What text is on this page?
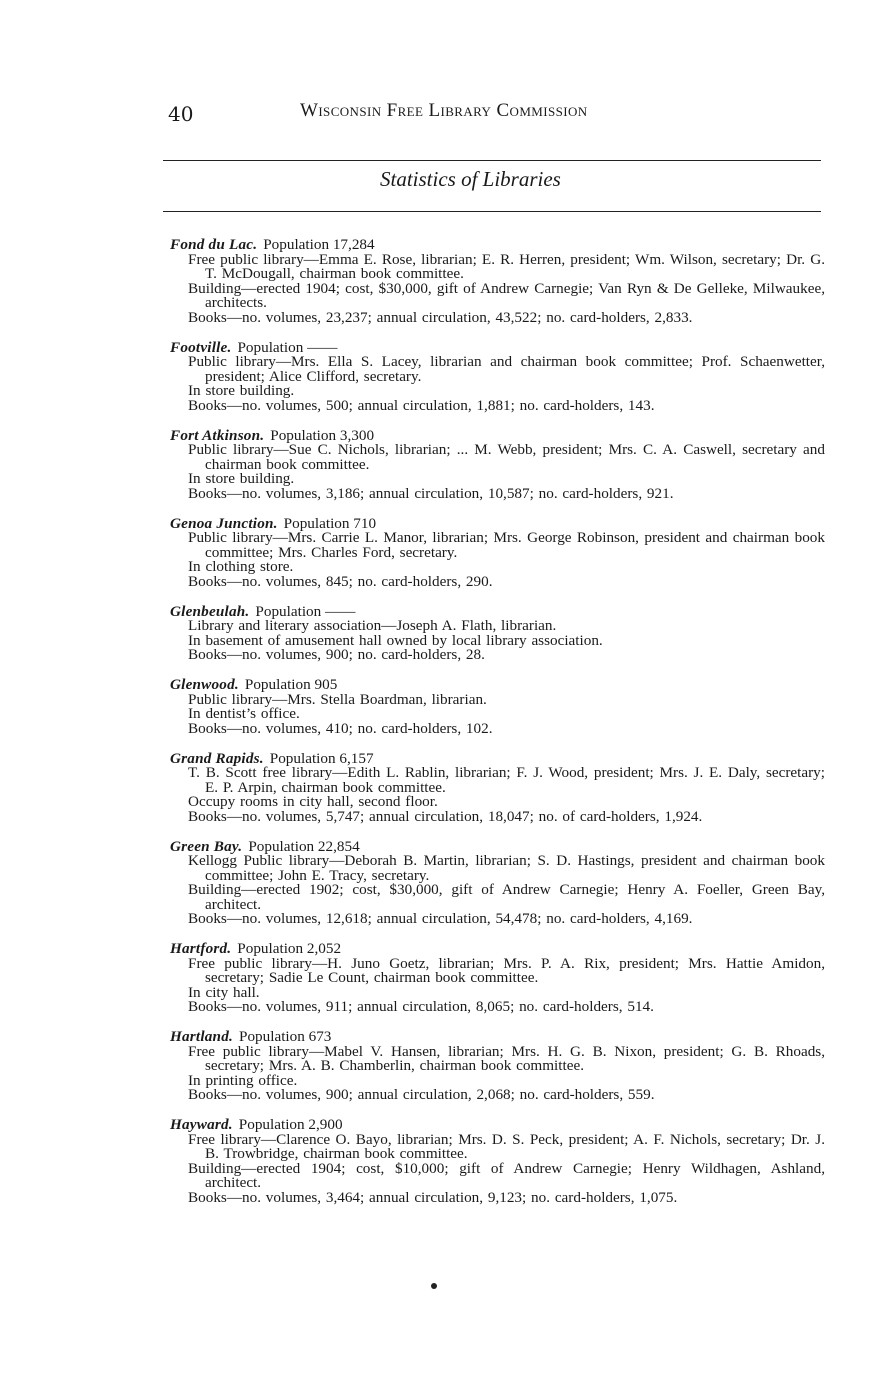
40	Wisconsin Free Library Commission
Statistics of Libraries

Fond du Lac. Population 17,284

Free public library—Emma E. Rose, librarian; E. R. Herren, president; Wm. Wilson, secretary; Dr. G. T. McDougall, chairman book committee.

Building—erected 1904; cost, $30,000, gift of Andrew Carnegie; Van Ryn & De Gelleke, Milwaukee, architects.

Books—no. volumes, 23,237; annual circulation, 43,522; no. card-holders, 2,833.

Footville. Population ——

Public library—Mrs. Ella S. Lacey, librarian and chairman book committee; Prof. Schaenwetter, president; Alice Clifford, secretary.

In store building.

Books—no. volumes, 500; annual circulation, 1,881; no. card-holders, 143.

Fort Atkinson. Population 3,300

Public library—Sue C. Nichols, librarian; ... M. Webb, president; Mrs. C. A. Caswell, secretary and chairman book committee.

In store building.

Books—no. volumes, 3,186; annual circulation, 10,587; no. card-holders, 921.

Genoa Junction. Population 710

Public library—Mrs. Carrie L. Manor, librarian; Mrs. George Robinson, president and chairman book committee; Mrs. Charles Ford, secretary.

In clothing store.

Books—no. volumes, 845; no. card-holders, 290.

Glenbeulah. Population ——

Library and literary association—Joseph A. Flath, librarian.

In basement of amusement hall owned by local library association.

Books—no. volumes, 900; no. card-holders, 28.

Glenwood. Population 905

Public library—Mrs. Stella Boardman, librarian.

In dentist’s office.

Books—no. volumes, 410; no. card-holders, 102.

Grand Rapids. Population 6,157

T. B. Scott free library—Edith L. Rablin, librarian; F. J. Wood, president; Mrs. J. E. Daly, secretary; E. P. Arpin, chairman book committee.

Occupy rooms in city hall, second floor.

Books—no. volumes, 5,747; annual circulation, 18,047; no. of card-holders, 1,924.

Green Bay. Population 22,854

Kellogg Public library—Deborah B. Martin, librarian; S. D. Hastings, president and chairman book committee; John E. Tracy, secretary.

Building—erected 1902; cost, $30,000, gift of Andrew Carnegie; Henry A. Foeller, Green Bay, architect.

Books—no. volumes, 12,618; annual circulation, 54,478; no. card-holders, 4,169.

Hartford. Population 2,052

Free public library—H. Juno Goetz, librarian; Mrs. P. A. Rix, president; Mrs. Hattie Amidon, secretary; Sadie Le Count, chairman book committee.

In city hall.

Books—no. volumes, 911; annual circulation, 8,065; no. card-holders, 514.

Hartland. Population 673

Free public library—Mabel V. Hansen, librarian; Mrs. H. G. B. Nixon, president; G. B. Rhoads, secretary; Mrs. A. B. Chamberlin, chairman book committee.

In printing office.

Books—no. volumes, 900; annual circulation, 2,068; no. card-holders, 559.

Hayward. Population 2,900

Free library—Clarence O. Bayo, librarian; Mrs. D. S. Peck, president; A. F. Nichols, secretary; Dr. J. B. Trowbridge, chairman book committee.

Building—erected 1904; cost, $10,000; gift of Andrew Carnegie; Henry Wildhagen, Ashland, architect.

Books—no. volumes, 3,464; annual circulation, 9,123; no. card-holders, 1,075.
